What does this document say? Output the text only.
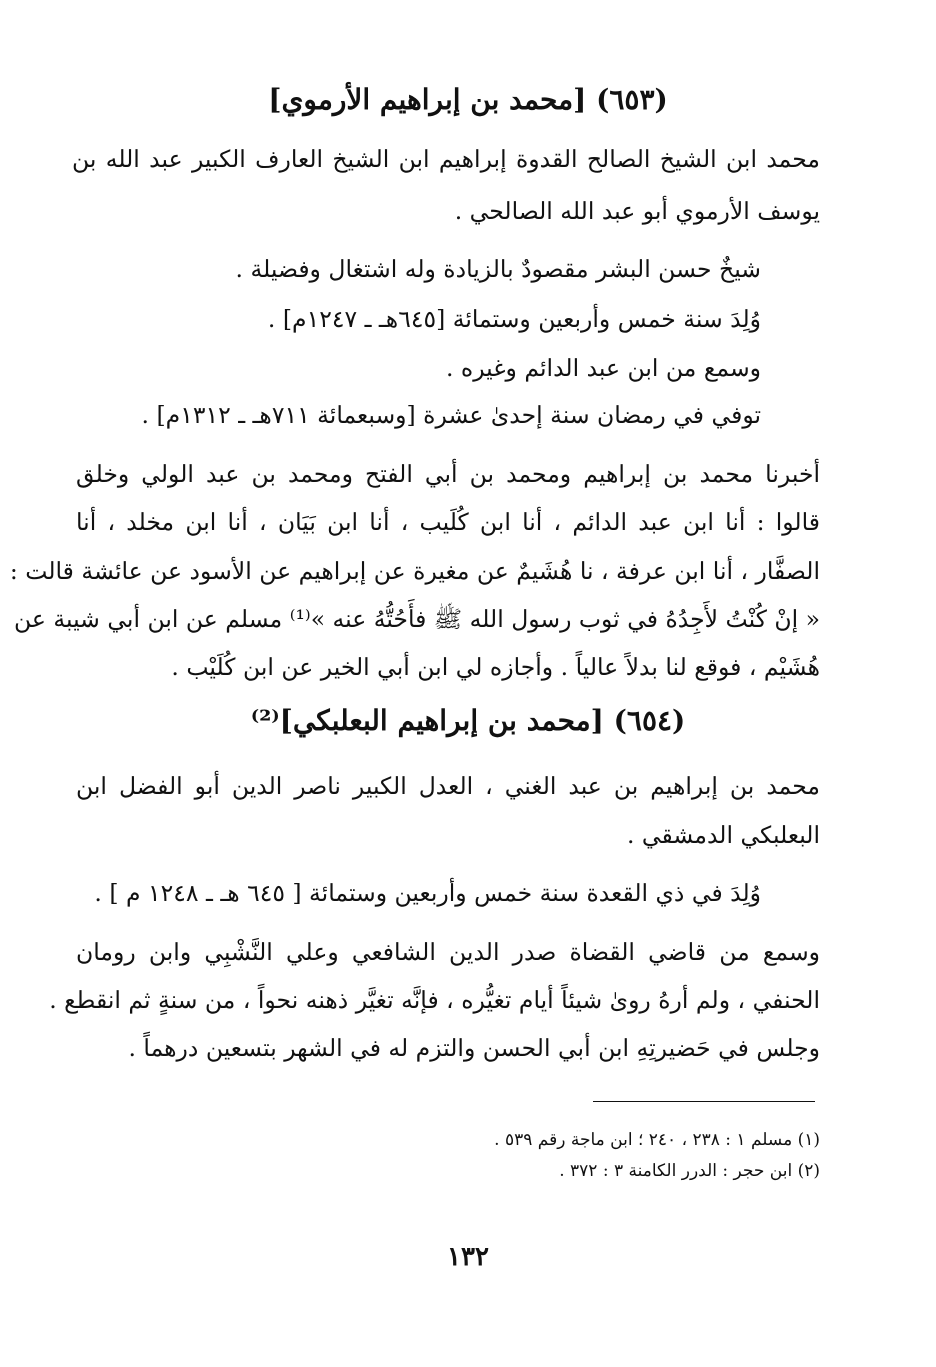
(٦٥٣) [محمد بن إبراهيم الأرموي]
محمد ابن الشيخ الصالح القدوة إبراهيم ابن الشيخ العارف الكبير عبد الله بن
يوسف الأرموي أبو عبد الله الصالحي .
شيخٌ حسن البشر مقصودٌ بالزيادة وله اشتغال وفضيلة .
وُلِدَ سنة خمس وأربعين وستمائة [٦٤٥هـ ـ ١٢٤٧م] .
وسمع من ابن عبد الدائم وغيره .
توفي في رمضان سنة إحدىٰ عشرة [وسبعمائة ٧١١هـ ـ ١٣١٢م] .
أخبرنا محمد بن إبراهيم ومحمد بن أبي الفتح ومحمد بن عبد الولي وخلق
قالوا : أنا ابن عبد الدائم ، أنا ابن كُلَيب ، أنا ابن بَيَان ، أنا ابن مخلد ، أنا
الصفَّار ، أنا ابن عرفة ، نا هُشَيمٌ عن مغيرة عن إبراهيم عن الأسود عن عائشة قالت :
« إنْ كُنْتُ لأَجِدُهُ في ثوب رسول الله ﷺ فأَحُتُّهُ عنه »⁽¹⁾ مسلم عن ابن أبي شيبة عن
هُشَيْم ، فوقع لنا بدلاً عالياً . وأجازه لي ابن أبي الخير عن ابن كُلَيْب .
(٦٥٤) [محمد بن إبراهيم البعلبكي]⁽²⁾
محمد بن إبراهيم بن عبد الغني ، العدل الكبير ناصر الدين أبو الفضل ابن
البعلبكي الدمشقي .
وُلِدَ في ذي القعدة سنة خمس وأربعين وستمائة [ ٦٤٥ هـ ـ ١٢٤٨ م ] .
وسمع من قاضي القضاة صدر الدين الشافعي وعلي النَّشْبِي وابن رومان
الحنفي ، ولم أرهُ روىٰ شيئاً أيام تغيُّره ، فإنَّه تغيَّر ذهنه نحواً ، من سنةٍ ثم انقطع .
وجلس في حَضيرتِهِ ابن أبي الحسن والتزم له في الشهر بتسعين درهماً .
(١) مسلم ١ : ٢٣٨ ، ٢٤٠ ؛ ابن ماجة رقم ٥٣٩ .
(٢) ابن حجر : الدرر الكامنة ٣ : ٣٧٢ .
١٣٢
